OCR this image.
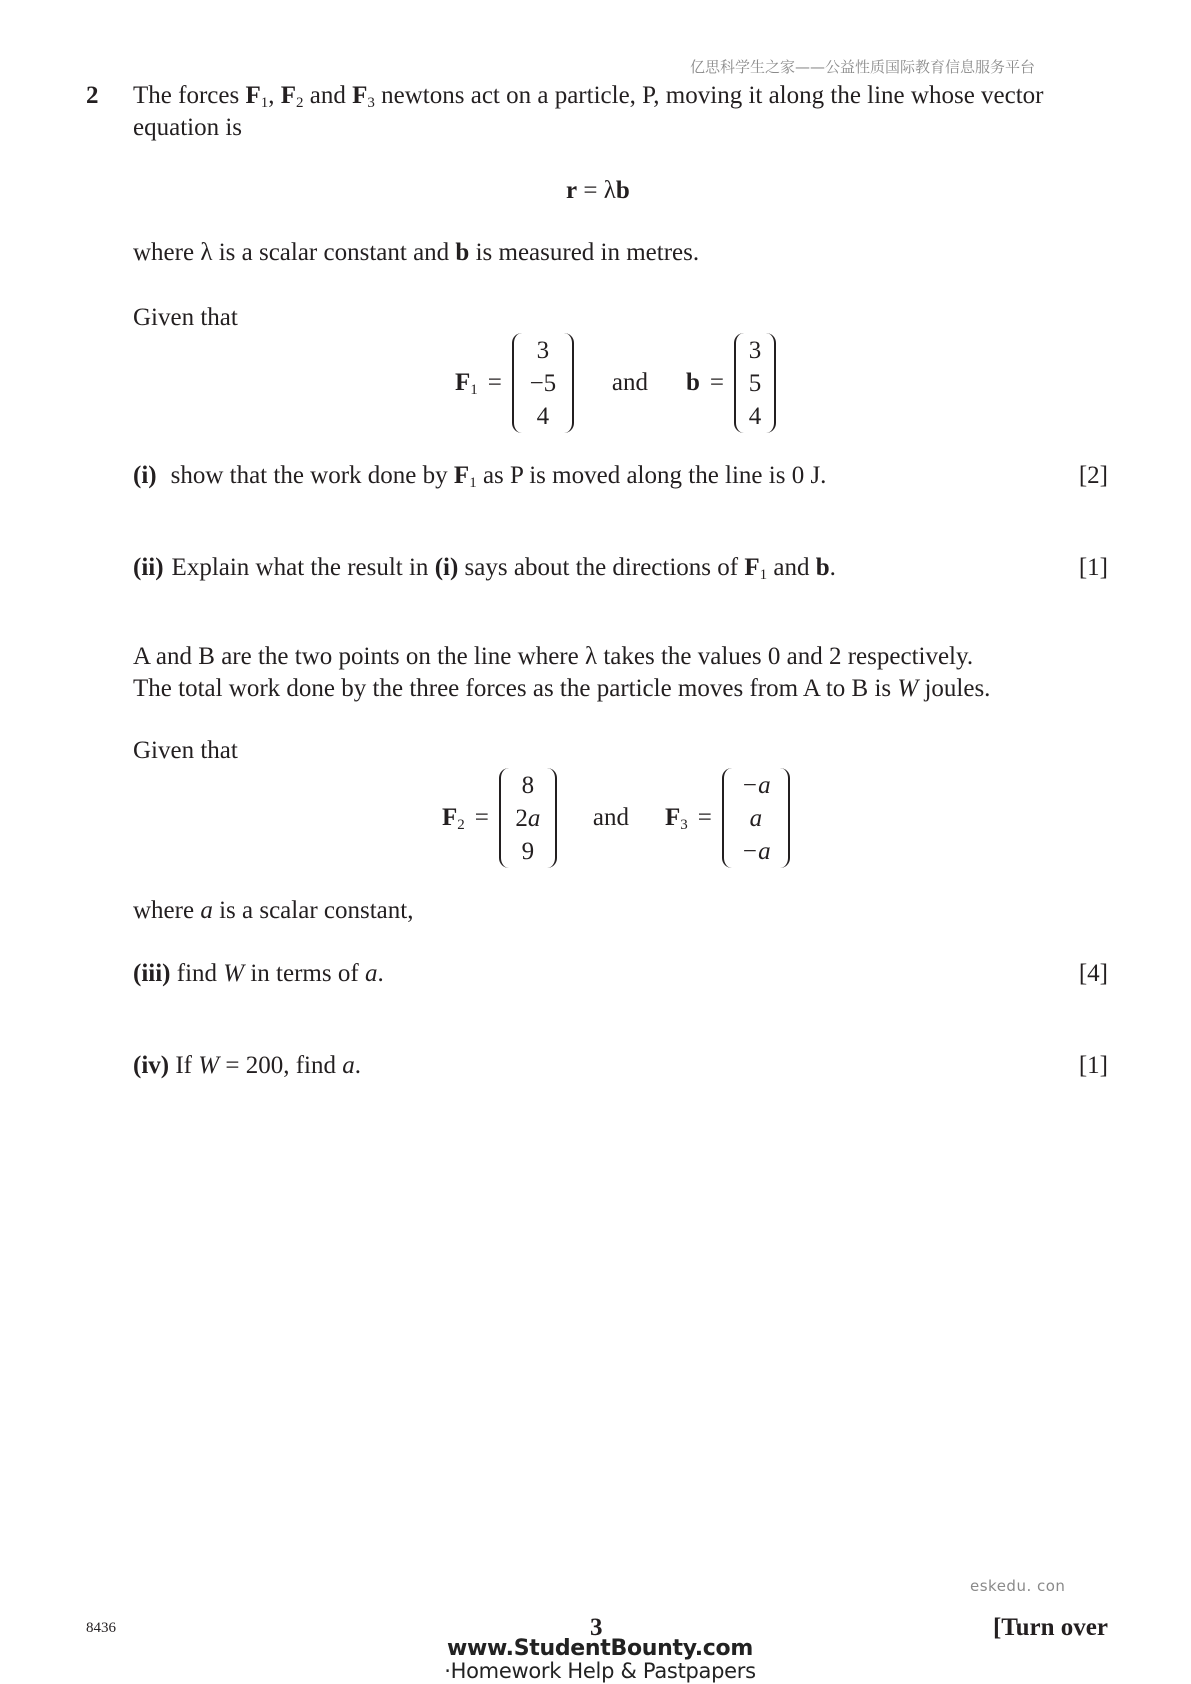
亿思科学生之家——公益性质国际教育信息服务平台
2 The forces $F_1$, $F_2$ and $F_3$ newtons act on a particle, P, moving it along the line whose vector
equation is
r = λb
where λ is a scalar constant and b is measured in metres.
Given that
$F_1$ =
3
−5
4
and b =
3
5
4
(i) show that the work done by $F_1$ as P is moved along the line is 0 J.	[2]
(ii) Explain what the result in (i) says about the directions of $F_1$ and b.	[1]
A and B are the two points on the line where λ takes the values 0 and 2 respectively.
The total work done by the three forces as the particle moves from A to B is W joules.
Given that
$F_2$ =
8
2a
9
and $F_3$ =
−a
a
−a
where a is a scalar constant,
(iii) find W in terms of a.	[4]
(iv) If W = 200, find a.	[1]
eskedu. con
8436	3	[Turn over
www.StudentBounty.com
·Homework Help & Pastpapers
